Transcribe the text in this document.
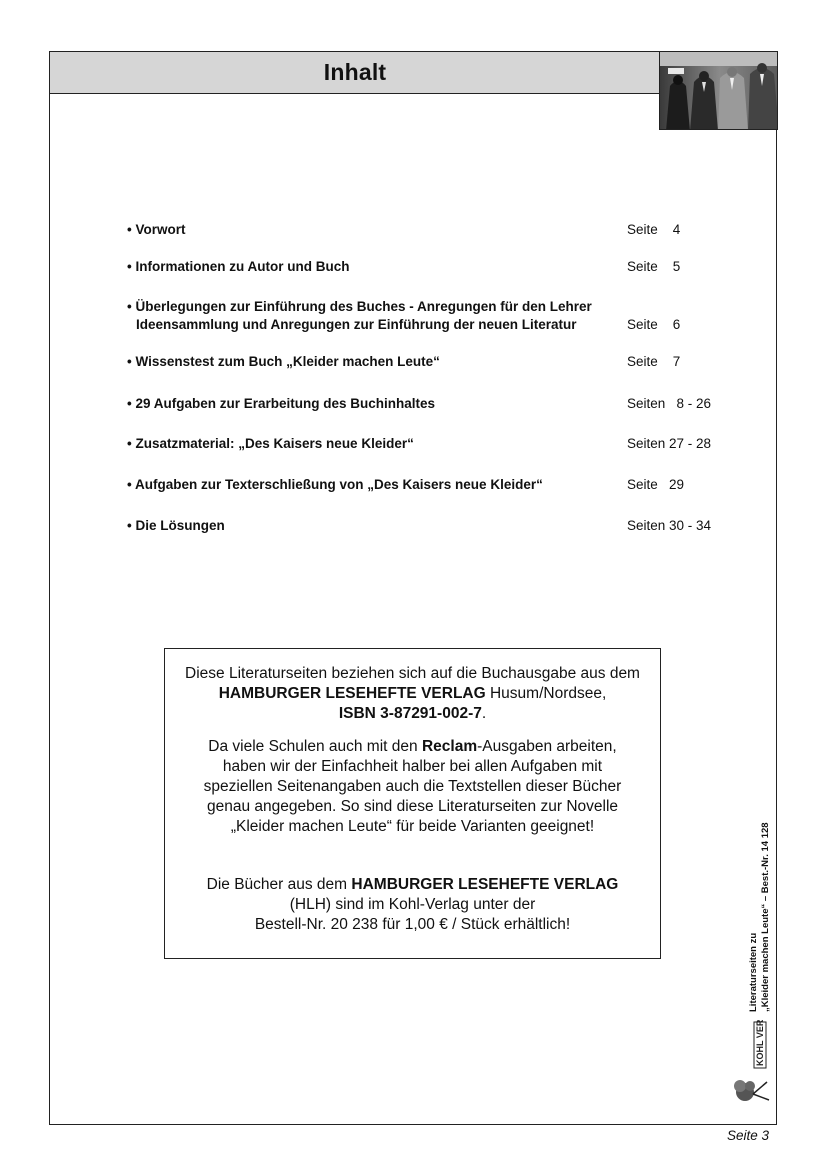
Inhalt
• Vorwort	Seite    4
• Informationen zu Autor und Buch	Seite    5
• Überlegungen zur Einführung des Buches - Anregungen für den Lehrer
Ideensammlung und Anregungen zur Einführung der neuen Literatur	Seite    6
• Wissenstest zum Buch „Kleider machen Leute“	Seite    7
• 29 Aufgaben zur Erarbeitung des Buchinhaltes	Seiten   8 - 26
• Zusatzmaterial: „Des Kaisers neue Kleider“	Seiten 27 - 28
• Aufgaben zur Texterschließung von „Des Kaisers neue Kleider“	Seite   29
• Die Lösungen	Seiten 30 - 34

Diese Literaturseiten beziehen sich auf die Buchausgabe aus dem HAMBURGER LESEHEFTE VERLAG Husum/Nordsee,
ISBN 3-87291-002-7.

Da viele Schulen auch mit den Reclam-Ausgaben arbeiten, haben wir der Einfachheit halber bei allen Aufgaben mit speziellen Seitenangaben auch die Textstellen dieser Bücher genau angegeben. So sind diese Literaturseiten zur Novelle „Kleider machen Leute“ für beide Varianten geeignet!

Die Bücher aus dem HAMBURGER LESEHEFTE VERLAG
(HLH) sind im Kohl-Verlag unter der
Bestell-Nr. 20 238 für 1,00 € / Stück erhältlich!

Literaturseiten zu „Kleider machen Leute“ – Best.-Nr. 14 128
KOHL VERLAG
Seite 3
